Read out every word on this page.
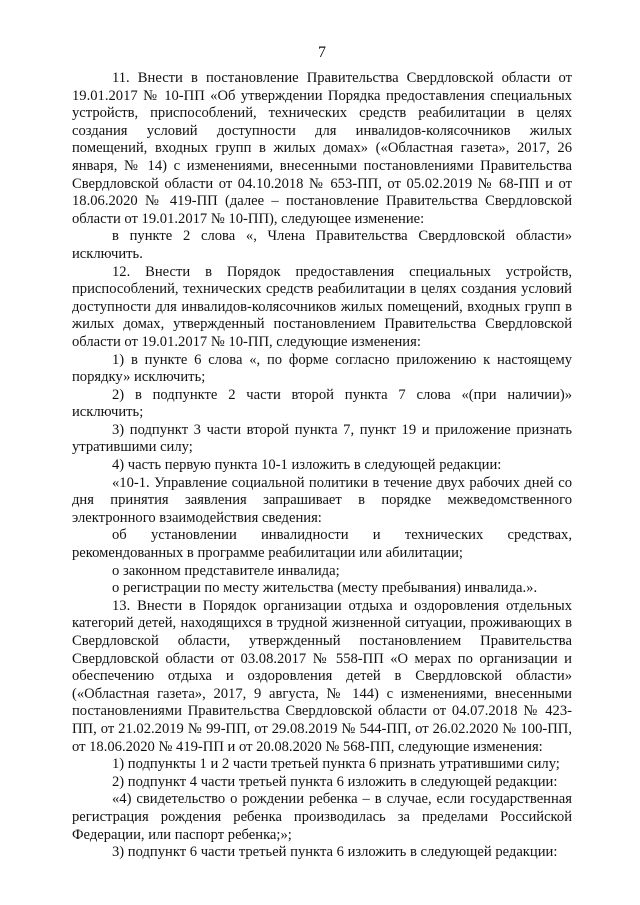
7

11. Внести в постановление Правительства Свердловской области от 19.01.2017 № 10-ПП «Об утверждении Порядка предоставления специальных устройств, приспособлений, технических средств реабилитации в целях создания условий доступности для инвалидов-колясочников жилых помещений, входных групп в жилых домах» («Областная газета», 2017, 26 января, № 14) с изменениями, внесенными постановлениями Правительства Свердловской области от 04.10.2018 № 653-ПП, от 05.02.2019 № 68-ПП и от 18.06.2020 № 419-ПП (далее – постановление Правительства Свердловской области от 19.01.2017 № 10-ПП), следующее изменение:

в пункте 2 слова «, Члена Правительства Свердловской области» исключить.

12. Внести в Порядок предоставления специальных устройств, приспособлений, технических средств реабилитации в целях создания условий доступности для инвалидов-колясочников жилых помещений, входных групп в жилых домах, утвержденный постановлением Правительства Свердловской области от 19.01.2017 № 10-ПП, следующие изменения:

1) в пункте 6 слова «, по форме согласно приложению к настоящему порядку» исключить;

2) в подпункте 2 части второй пункта 7 слова «(при наличии)» исключить;

3) подпункт 3 части второй пункта 7, пункт 19 и приложение признать утратившими силу;

4) часть первую пункта 10-1 изложить в следующей редакции:

«10-1. Управление социальной политики в течение двух рабочих дней со дня принятия заявления запрашивает в порядке межведомственного электронного взаимодействия сведения:

об установлении инвалидности и технических средствах, рекомендованных в программе реабилитации или абилитации;

о законном представителе инвалида;

о регистрации по месту жительства (месту пребывания) инвалида.».

13. Внести в Порядок организации отдыха и оздоровления отдельных категорий детей, находящихся в трудной жизненной ситуации, проживающих в Свердловской области, утвержденный постановлением Правительства Свердловской области от 03.08.2017 № 558-ПП «О мерах по организации и обеспечению отдыха и оздоровления детей в Свердловской области» («Областная газета», 2017, 9 августа, № 144) с изменениями, внесенными постановлениями Правительства Свердловской области от 04.07.2018 № 423-ПП, от 21.02.2019 № 99-ПП, от 29.08.2019 № 544-ПП, от 26.02.2020 № 100-ПП, от 18.06.2020 № 419-ПП и от 20.08.2020 № 568-ПП, следующие изменения:

1) подпункты 1 и 2 части третьей пункта 6 признать утратившими силу;

2) подпункт 4 части третьей пункта 6 изложить в следующей редакции:

«4) свидетельство о рождении ребенка – в случае, если государственная регистрация рождения ребенка производилась за пределами Российской Федерации, или паспорт ребенка;»;

3) подпункт 6 части третьей пункта 6 изложить в следующей редакции:
